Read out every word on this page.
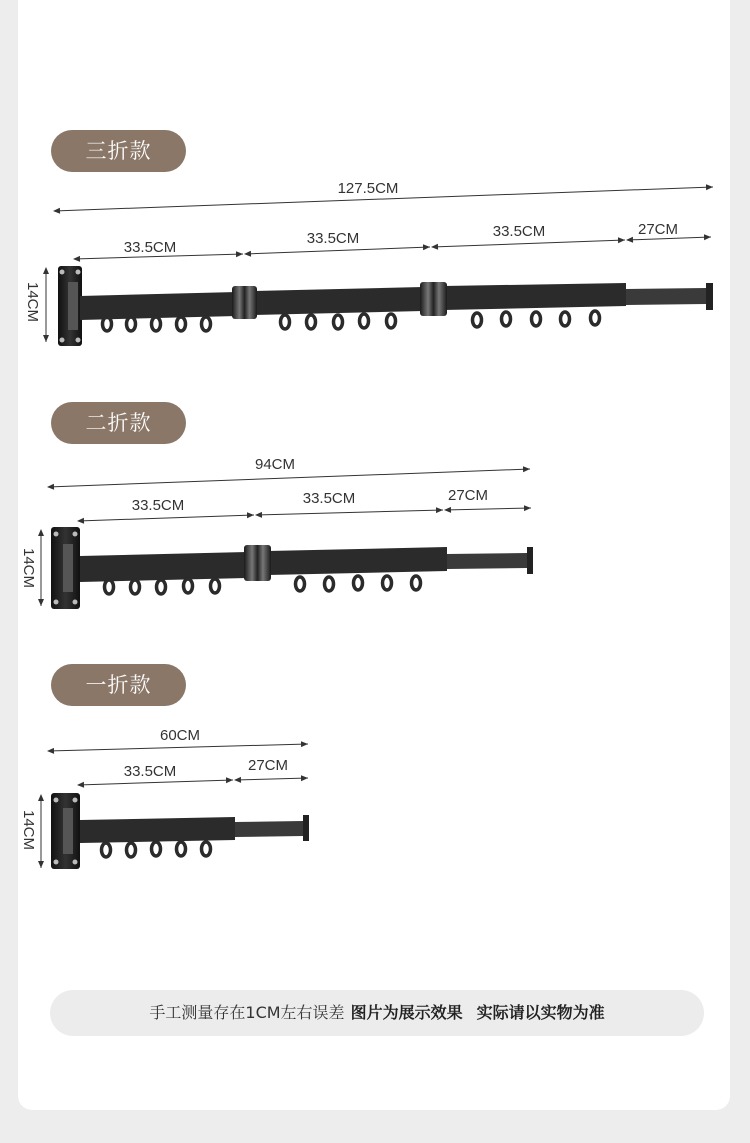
三折款
二折款
一折款
127.5CM
33.5CM
33.5CM	33.5CM	27CM
14CM
94CM
33.5CM	33.5CM	27CM
14CM
60CM
33.5CM	27CM
14CM
手工测量存在1CM左右误差 图片为展示效果 实际请以实物为准
